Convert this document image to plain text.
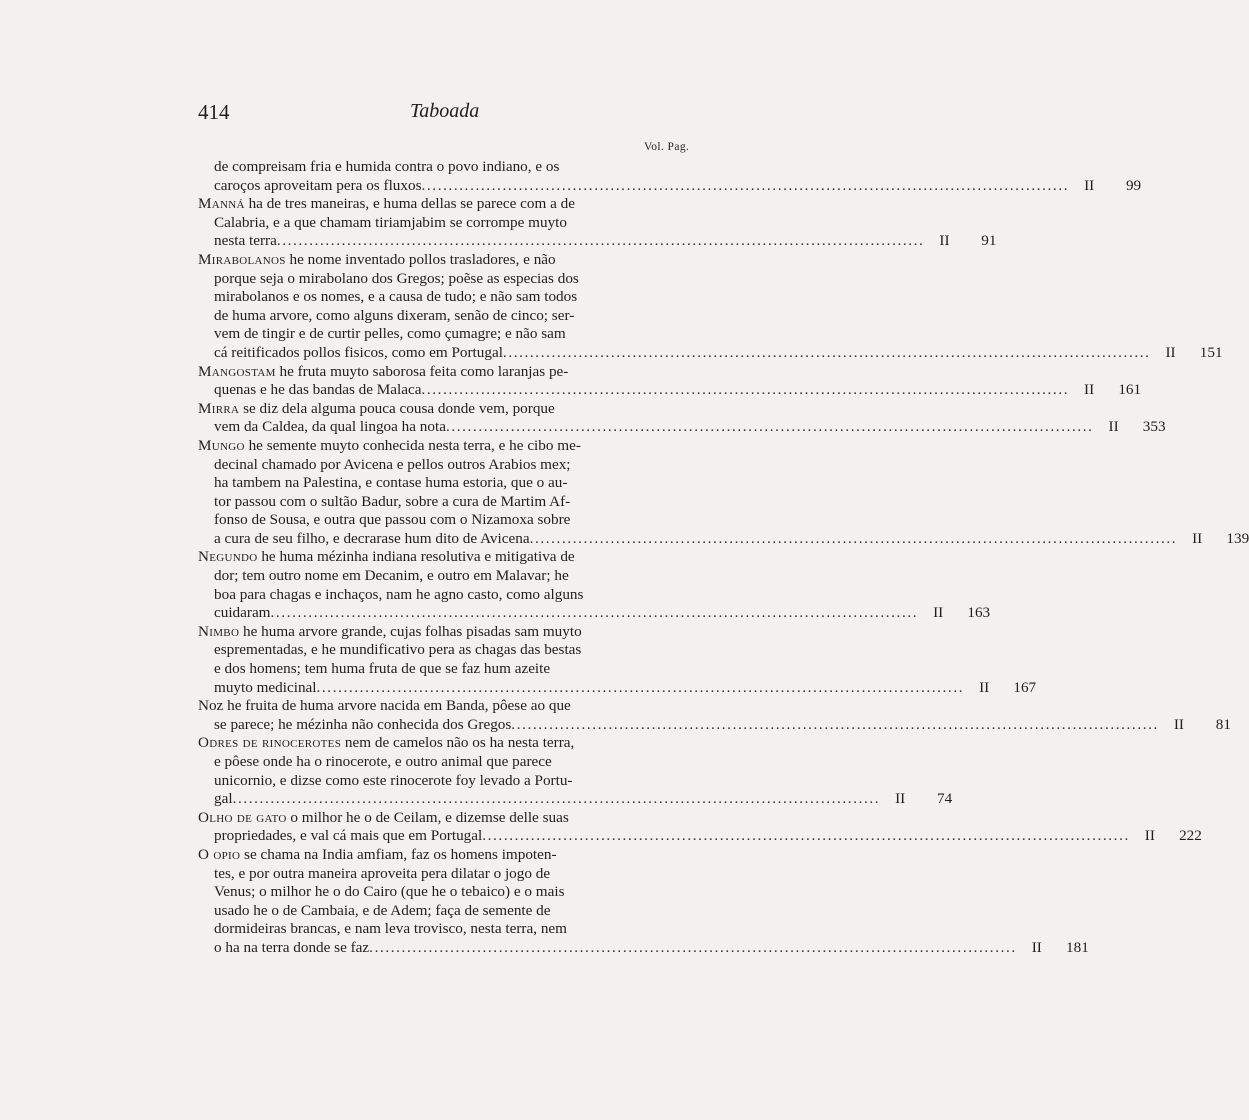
414	Taboada
Vol. Pag.
de compreisam fria e humida contra o povo indiano, e os
caroços aproveitam pera os fluxos ........................................................................................................................ II	99
Manná ha de tres maneiras, e huma dellas se parece com a de
Calabria, e a que chamam tiriamjabim se corrompe muyto
nesta terra ........................................................................................................................ II	91
Mirabolanos he nome inventado pollos trasladores, e não
porque seja o mirabolano dos Gregos; poẽse as especias dos
mirabolanos e os nomes, e a causa de tudo; e não sam todos
de huma arvore, como alguns dixeram, senão de cinco; ser-
vem de tingir e de curtir pelles, como çumagre; e não sam
cá reitificados pollos fisicos, como em Portugal ........................................................................................................................ II	151
Mangostam he fruta muyto saborosa feita como laranjas pe-
quenas e he das bandas de Malaca ........................................................................................................................ II	161
Mirra se diz dela alguma pouca cousa donde vem, porque
vem da Caldea, da qual lingoa ha nota ........................................................................................................................ II	353
Mungo he semente muyto conhecida nesta terra, e he cibo me-
decinal chamado por Avicena e pellos outros Arabios mex;
ha tambem na Palestina, e contase huma estoria, que o au-
tor passou com o sultão Badur, sobre a cura de Martim Af-
fonso de Sousa, e outra que passou com o Nizamoxa sobre
a cura de seu filho, e decrarase hum dito de Avicena ........................................................................................................................ II	139
Negundo he huma mézinha indiana resolutiva e mitigativa de
dor; tem outro nome em Decanim, e outro em Malavar; he
boa para chagas e inchaços, nam he agno casto, como alguns
cuidaram ........................................................................................................................ II	163
Nimbo he huma arvore grande, cujas folhas pisadas sam muyto
esprementadas, e he mundificativo pera as chagas das bestas
e dos homens; tem huma fruta de que se faz hum azeite
muyto medicinal ........................................................................................................................ II	167
Noz he fruita de huma arvore nacida em Banda, pôese ao que
se parece; he mézinha não conhecida dos Gregos ........................................................................................................................ II	81
Odres de rinocerotes nem de camelos não os ha nesta terra,
e pôese onde ha o rinocerote, e outro animal que parece
unicornio, e dizse como este rinocerote foy levado a Portu-
gal ........................................................................................................................ II	74
Olho de gato o milhor he o de Ceilam, e dizemse delle suas
propriedades, e val cá mais que em Portugal ........................................................................................................................ II	222
O opio se chama na India amfiam, faz os homens impoten-
tes, e por outra maneira aproveita pera dilatar o jogo de
Venus; o milhor he o do Cairo (que he o tebaico) e o mais
usado he o de Cambaia, e de Adem; faça de semente de
dormideiras brancas, e nam leva trovisco, nesta terra, nem
o ha na terra donde se faz ........................................................................................................................ II	181
